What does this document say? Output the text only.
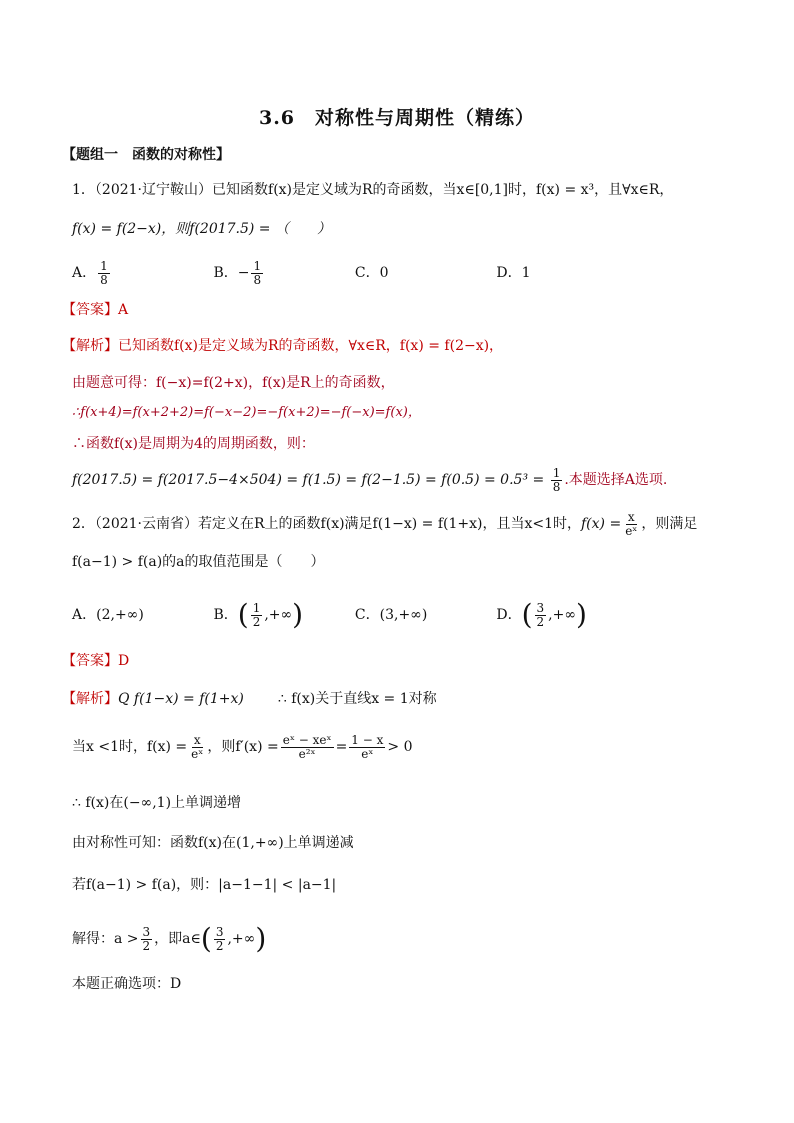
3.6　对称性与周期性（精练）
【题组一　函数的对称性】
1．（2021·辽宁鞍山）已知函数f(x)是定义域为R的奇函数，当x∈[0,1]时，f(x) = x³，且∀x∈R，
f(x) = f(2−x)，则f(2017.5) = （　　）
A． $\frac{1}{8}$	B．− $\frac{1}{8}$	C．0	D．1
【答案】A
【解析】已知函数f(x)是定义域为R的奇函数，∀x∈R，f(x) = f(2−x)，
由题意可得：f(−x)=f(2+x)，f(x)是R上的奇函数，
∴f(x+4)=f(x+2+2)=f(−x−2)=−f(x+2)=−f(−x)=f(x)，
∴函数f(x)是周期为4的周期函数，则：
$f(2017.5) = f(2017.5-4\times 504) = f(1.5) = f(2-1.5) = f(0.5) = 0.5^3 = \frac{1}{8}$ .本题选择A选项.
2．（2021·云南省）若定义在R上的函数f(x)满足f(1−x) = f(1+x)，且当x<1时，$f(x) = \frac{x}{\text{eˣ}}$ ，则满足
f(a−1) > f(a)的a的取值范围是（　　）
A．(2,+∞)	B．( $\frac{1}{2}$ ,+∞)	C．(3,+∞)	D．( $\frac{3}{2}$ ,+∞)
【答案】D
【解析】Q f(1−x) = f(1+x) ∴ f(x)关于直线x = 1对称
当x <1时，$f(x) = \frac{x}{\text{eˣ}}$ ，则$f'(x) = \frac{\text{eˣ − xeˣ}}{\text{e²ˣ}} = \frac{1 - x}{\text{eˣ}} > 0$
∴ f(x)在(−∞,1)上单调递增
由对称性可知：函数f(x)在(1,+∞)上单调递减
若f(a−1) > f(a)，则：|a−1−1| < |a−1|
解得：$a > \frac{3}{2}$ ，即a∈( $\frac{3}{2}$ ,+∞)
本题正确选项：D
